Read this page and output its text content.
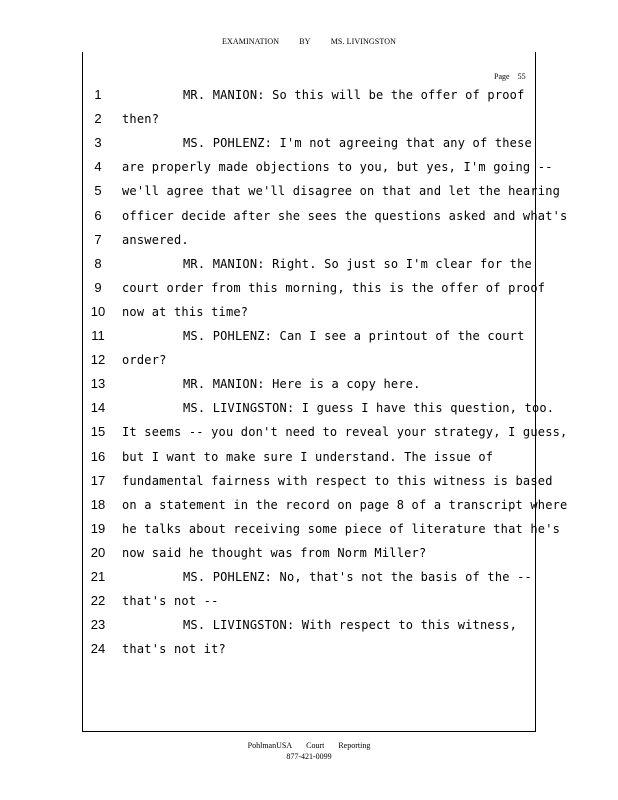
EXAMINATION	BY	MS. LIVINGSTON
Page 55
1	MR. MANION: So this will be the offer of proof
2	then?
3	MS. POHLENZ: I'm not agreeing that any of these
4	are properly made objections to you, but yes, I'm going --
5	we'll agree that we'll disagree on that and let the hearing
6	officer decide after she sees the questions asked and what's
7	answered.
8	MR. MANION: Right. So just so I'm clear for the
9	court order from this morning, this is the offer of proof
10 now at this time?
11	MS. POHLENZ: Can I see a printout of the court
12 order?
13	MR. MANION: Here is a copy here.
14	MS. LIVINGSTON: I guess I have this question, too.
15 It seems -- you don't need to reveal your strategy, I guess,
16 but I want to make sure I understand. The issue of
17 fundamental fairness with respect to this witness is based
18 on a statement in the record on page 8 of a transcript where
19 he talks about receiving some piece of literature that he's
20 now said he thought was from Norm Miller?
21	MS. POHLENZ: No, that's not the basis of the --
22 that's not --
23	MS. LIVINGSTON: With respect to this witness,
24 that's not it?
PohlmanUSA Court Reporting
877-421-0099
